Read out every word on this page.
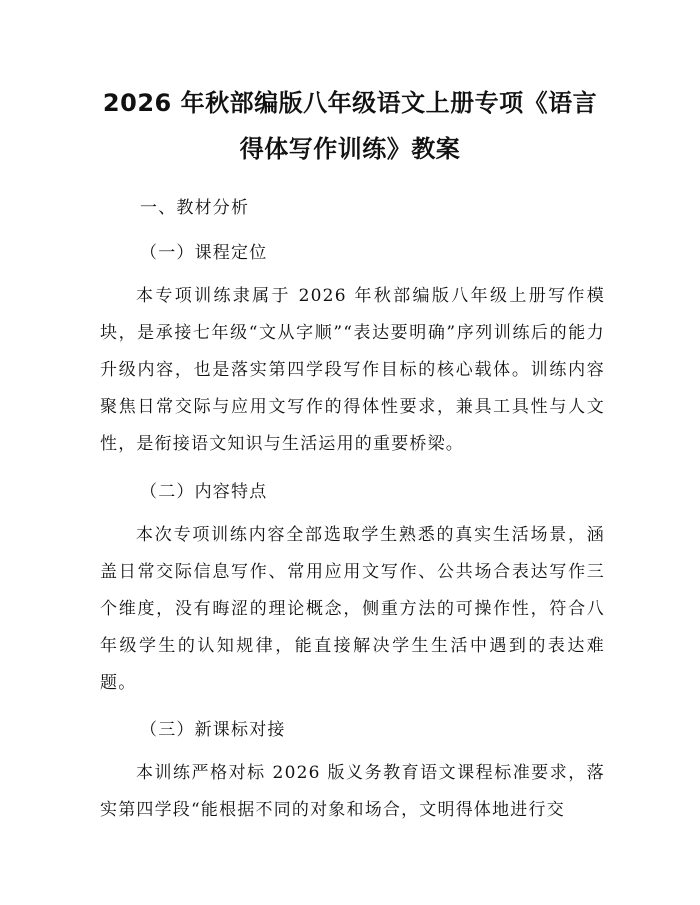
2026 年秋部编版八年级语文上册专项《语言
得体写作训练》教案
一、教材分析
（一）课程定位

本专项训练隶属于 2026 年秋部编版八年级上册写作模块，是承接七年级“文从字顺”“表达要明确”序列训练后的能力升级内容，也是落实第四学段写作目标的核心载体。训练内容聚焦日常交际与应用文写作的得体性要求，兼具工具性与人文性，是衔接语文知识与生活运用的重要桥梁。

（二）内容特点

本次专项训练内容全部选取学生熟悉的真实生活场景，涵盖日常交际信息写作、常用应用文写作、公共场合表达写作三个维度，没有晦涩的理论概念，侧重方法的可操作性，符合八年级学生的认知规律，能直接解决学生生活中遇到的表达难题。

（三）新课标对接

本训练严格对标 2026 版义务教育语文课程标准要求，落实第四学段“能根据不同的对象和场合，文明得体地进行交
